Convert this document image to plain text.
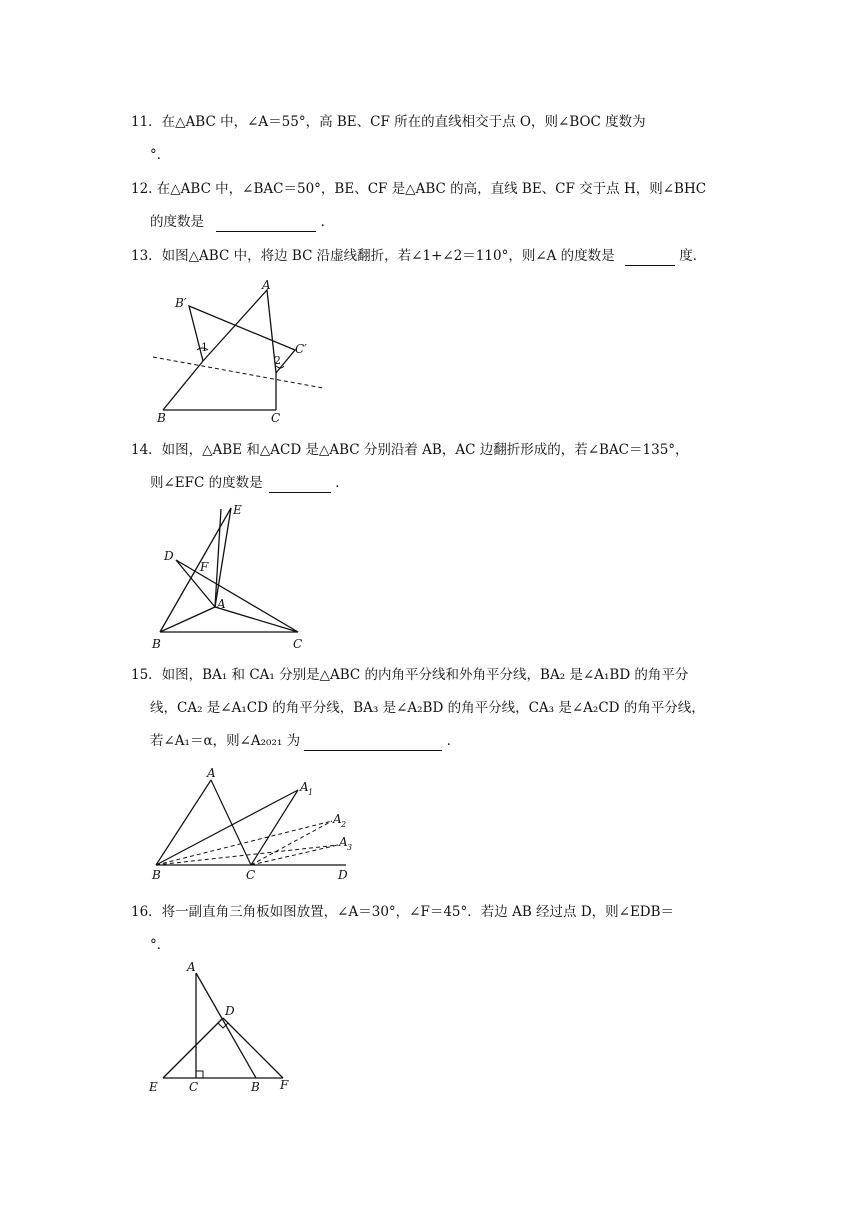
11．在△ABC 中，∠A＝55°，高 BE、CF 所在的直线相交于点 O，则∠BOC 度数为
°．
12. 在△ABC 中，∠BAC＝50°，BE、CF 是△ABC 的高，直线 BE、CF 交于点 H，则∠BHC
的度数是	．
13．如图△ABC 中，将边 BC 沿虚线翻折，若∠1+∠2＝110°，则∠A 的度数是	度．
A
B′
C′
1
2
B	C
14．如图，△ABE 和△ACD 是△ABC 分别沿着 AB，AC 边翻折形成的，若∠BAC＝135°，
则∠EFC 的度数是	．
E
D
F
A
B	C
15．如图，BA₁ 和 CA₁ 分别是△ABC 的内角平分线和外角平分线，BA₂ 是∠A₁BD 的角平分
线，CA₂ 是∠A₁CD 的角平分线，BA₃ 是∠A₂BD 的角平分线，CA₃ 是∠A₂CD 的角平分线，
若∠A₁＝α，则∠A₂₀₂₁ 为	．
A
A 1
A 2
A 3
B	C	D
16．将一副直角三角板如图放置，∠A＝30°，∠F＝45°．若边 AB 经过点 D，则∠EDB＝
°．
A
D
E	C	B F
